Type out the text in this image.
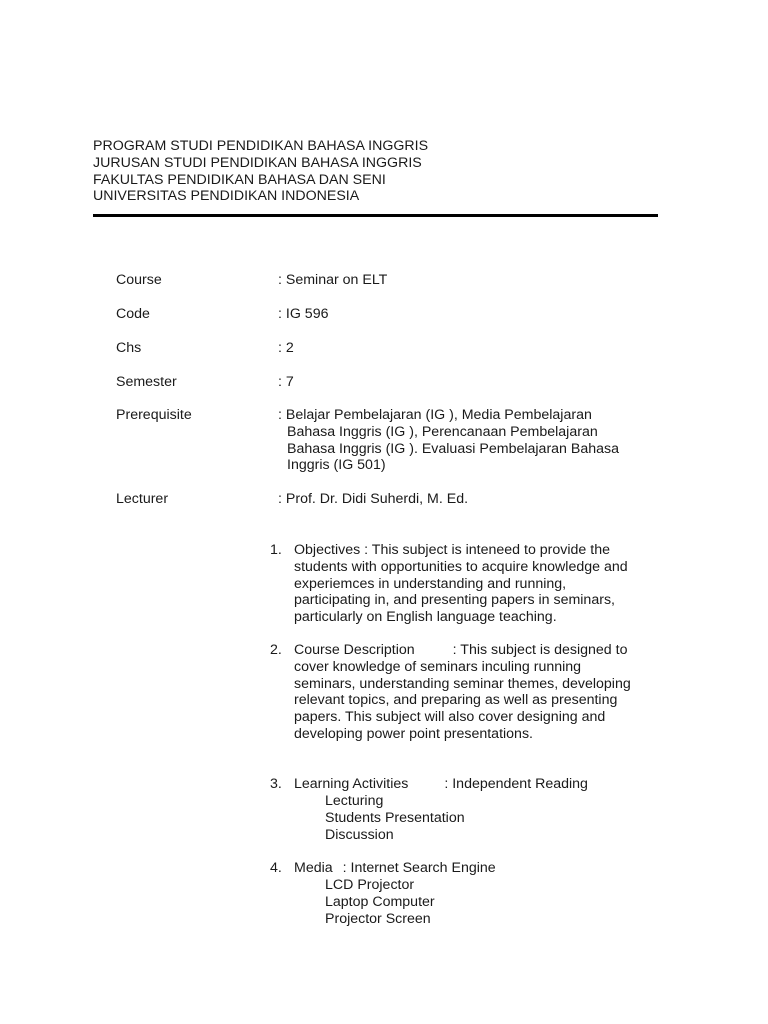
PROGRAM STUDI PENDIDIKAN BAHASA INGGRIS
JURUSAN STUDI PENDIDIKAN BAHASA INGGRIS
FAKULTAS PENDIDIKAN BAHASA DAN SENI
UNIVERSITAS PENDIDIKAN INDONESIA
Course	: Seminar on ELT
Code	: IG 596
Chs	: 2
Semester	: 7
Prerequisite	: Belajar Pembelajaran (IG ), Media Pembelajaran
Bahasa Inggris (IG ), Perencanaan Pembelajaran
Bahasa Inggris (IG ). Evaluasi Pembelajaran Bahasa
Inggris (IG 501)
Lecturer	: Prof. Dr. Didi Suherdi, M. Ed.
1. Objectives : This subject is inteneed to provide the
students with opportunities to acquire knowledge and
experiemces in understanding and running,
participating in, and presenting papers in seminars,
particularly on English language teaching.
2. Course Description	: This subject is designed to
cover knowledge of seminars inculing running
seminars, understanding seminar themes, developing
relevant topics, and preparing as well as presenting
papers. This subject will also cover designing and
developing power point presentations.
3. Learning Activities	: Independent Reading
Lecturing
Students Presentation
Discussion
4. Media : Internet Search Engine
LCD Projector
Laptop Computer
Projector Screen
